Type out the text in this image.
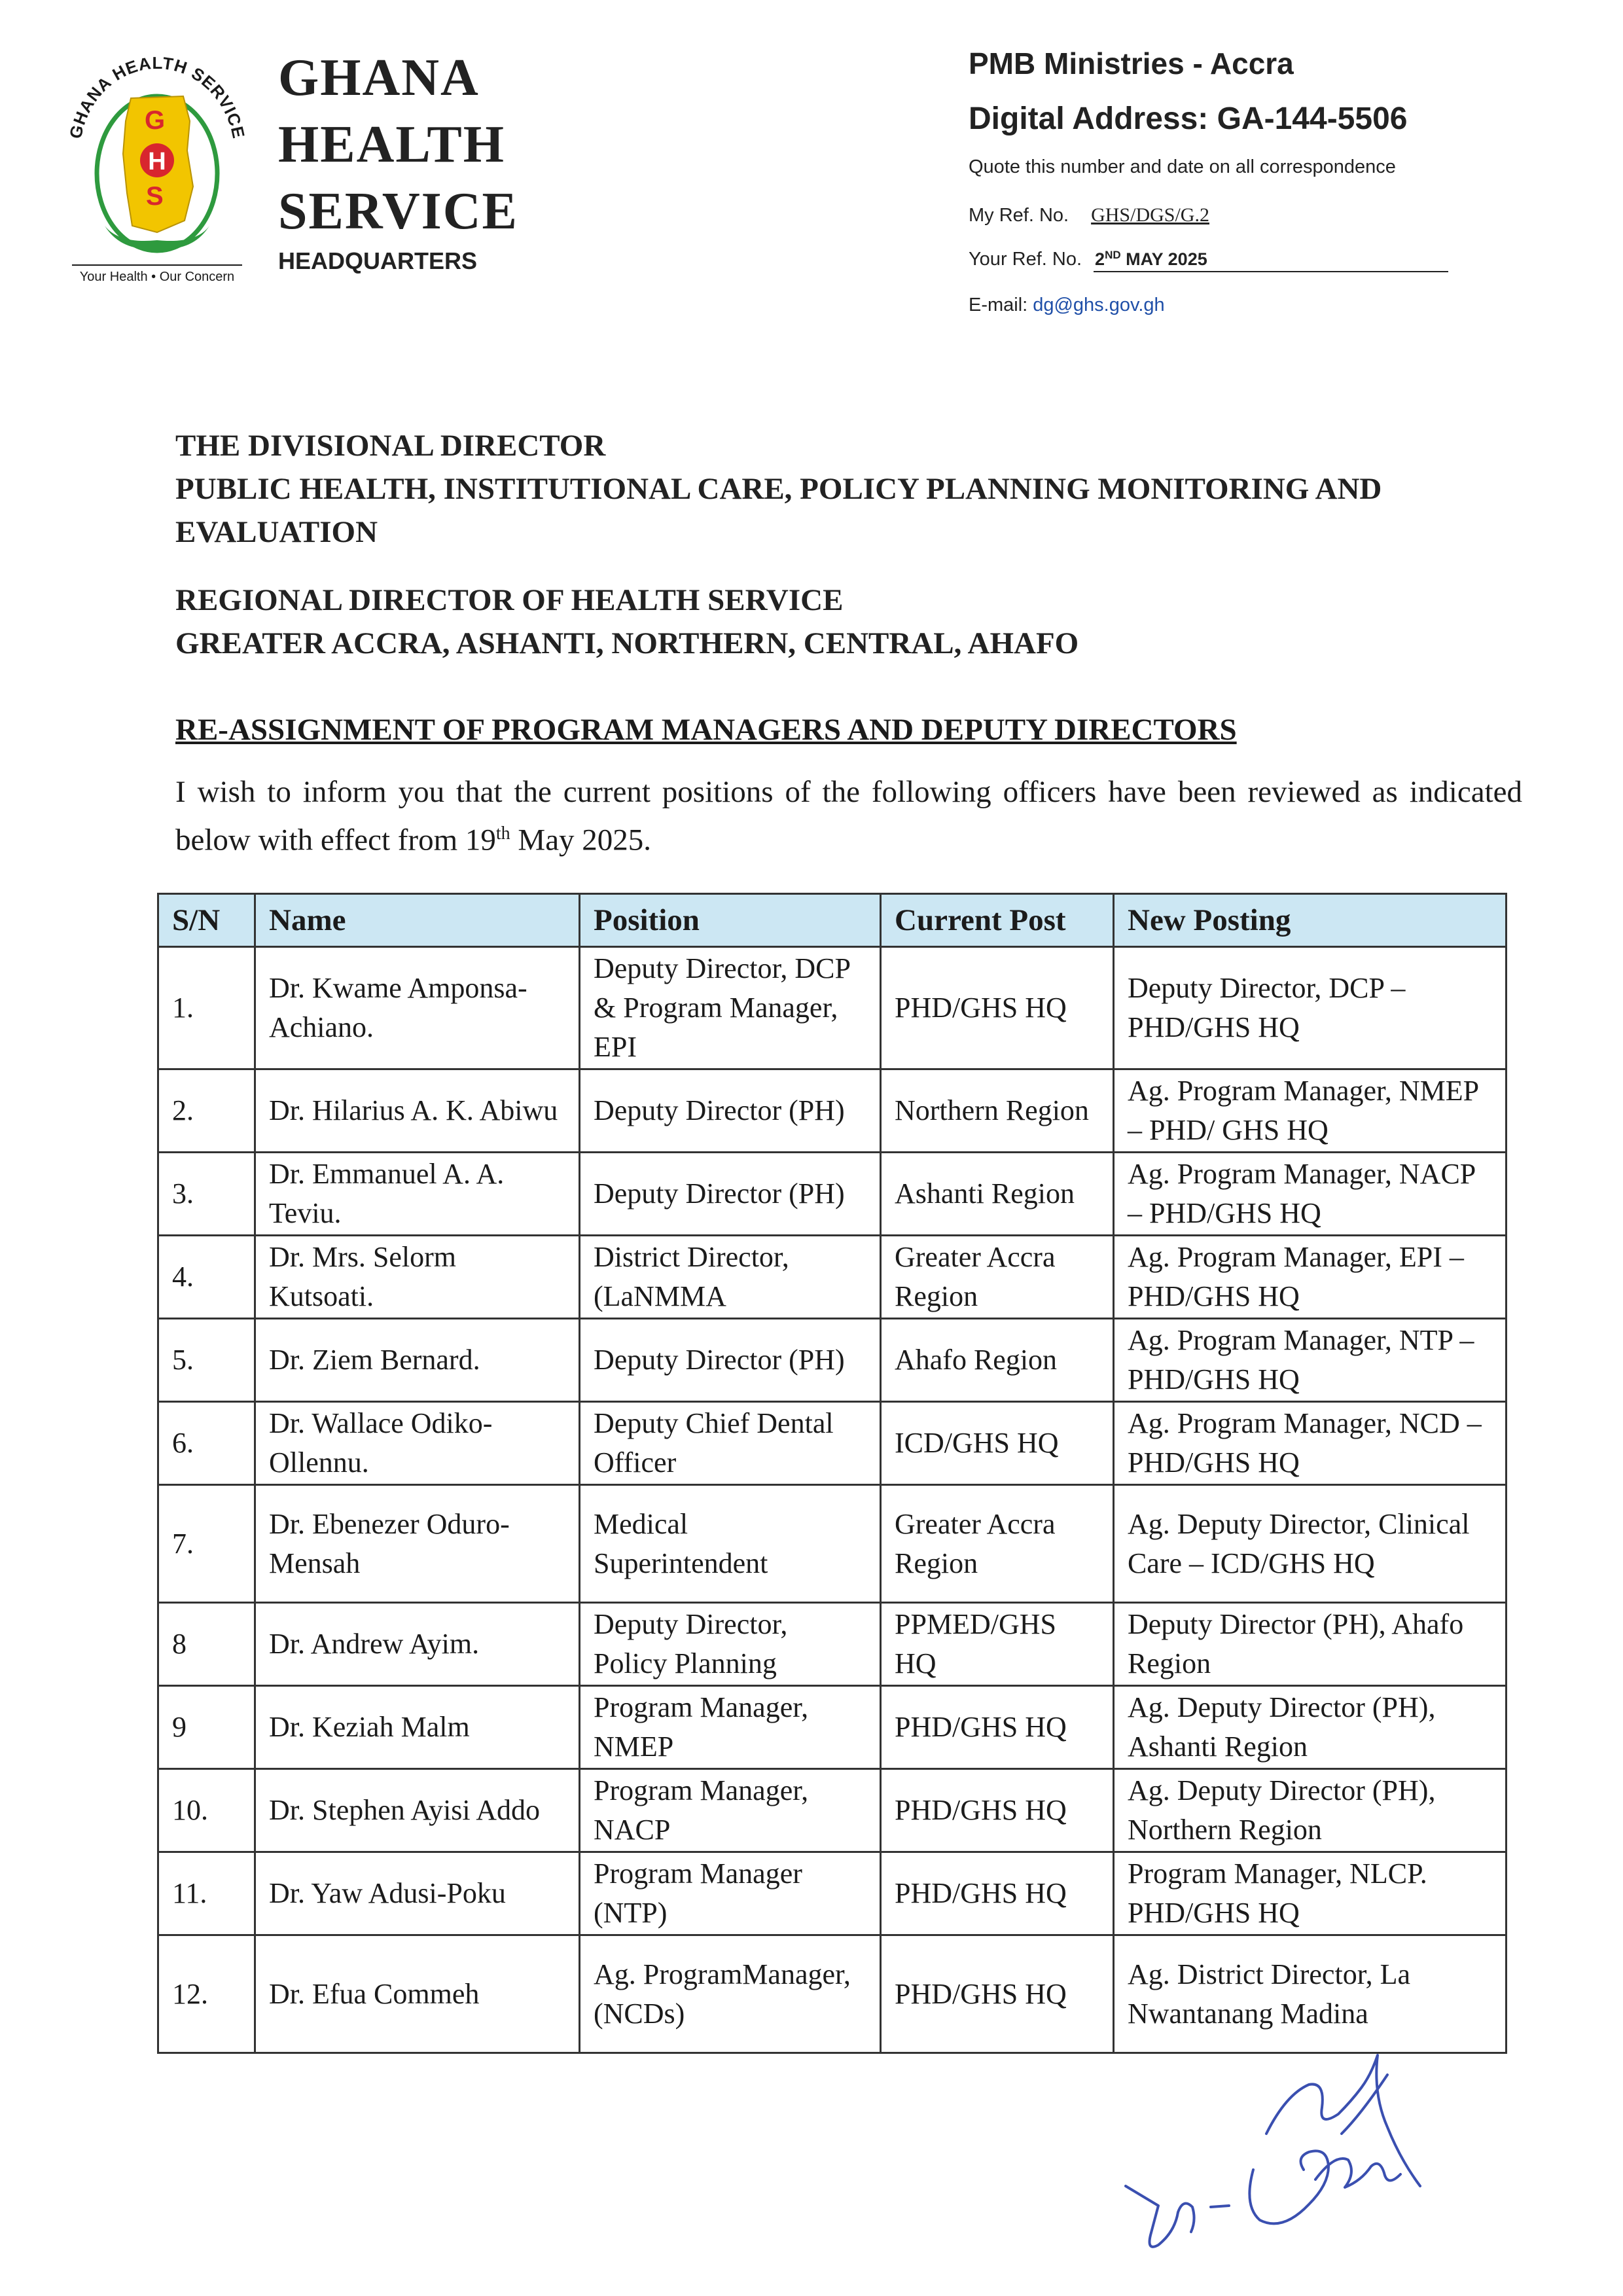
GHANA HEALTH SERVICE
G
H
S
Your Health • Our Concern
GHANA
HEALTH
SERVICE
HEADQUARTERS
PMB Ministries - Accra
Digital Address: GA-144-5506
Quote this number and date on all correspondence
My Ref. No. GHS/DGS/G.2
Your Ref. No. 2ND MAY 2025
E-mail: dg@ghs.gov.gh
THE DIVISIONAL DIRECTOR
PUBLIC HEALTH, INSTITUTIONAL CARE, POLICY PLANNING MONITORING AND EVALUATION
REGIONAL DIRECTOR OF HEALTH SERVICE
GREATER ACCRA, ASHANTI, NORTHERN, CENTRAL, AHAFO
RE-ASSIGNMENT OF PROGRAM MANAGERS AND DEPUTY DIRECTORS
I wish to inform you that the current positions of the following officers have been reviewed as indicated below with effect from 19th May 2025.
S/N	Name	Position	Current Post	New Posting
1.	Dr. Kwame Amponsa-Achiano.	Deputy Director, DCP & Program Manager, EPI	PHD/GHS HQ	Deputy Director, DCP – PHD/GHS HQ
2.	Dr. Hilarius A. K. Abiwu	Deputy Director (PH)	Northern Region	Ag. Program Manager, NMEP – PHD/ GHS HQ
3.	Dr. Emmanuel A. A. Teviu.	Deputy Director (PH)	Ashanti Region	Ag. Program Manager, NACP – PHD/GHS HQ
4.	Dr. Mrs. Selorm Kutsoati.	District Director, (LaNMMA	Greater Accra Region	Ag. Program Manager, EPI – PHD/GHS HQ
5.	Dr. Ziem Bernard.	Deputy Director (PH)	Ahafo Region	Ag. Program Manager, NTP – PHD/GHS HQ
6.	Dr. Wallace Odiko-Ollennu.	Deputy Chief Dental Officer	ICD/GHS HQ	Ag. Program Manager, NCD – PHD/GHS HQ
7.	Dr. Ebenezer Oduro-Mensah	Medical Superintendent	Greater Accra Region	Ag. Deputy Director, Clinical Care – ICD/GHS HQ
8	Dr. Andrew Ayim.	Deputy Director, Policy Planning	PPMED/GHS HQ	Deputy Director (PH), Ahafo Region
9	Dr. Keziah Malm	Program Manager, NMEP	PHD/GHS HQ	Ag. Deputy Director (PH), Ashanti Region
10.	Dr. Stephen Ayisi Addo	Program Manager, NACP	PHD/GHS HQ	Ag. Deputy Director (PH), Northern Region
11.	Dr. Yaw Adusi-Poku	Program Manager (NTP)	PHD/GHS HQ	Program Manager, NLCP. PHD/GHS HQ
12.	Dr. Efua Commeh	Ag. ProgramManager, (NCDs)	PHD/GHS HQ	Ag. District Director, La Nwantanang Madina
